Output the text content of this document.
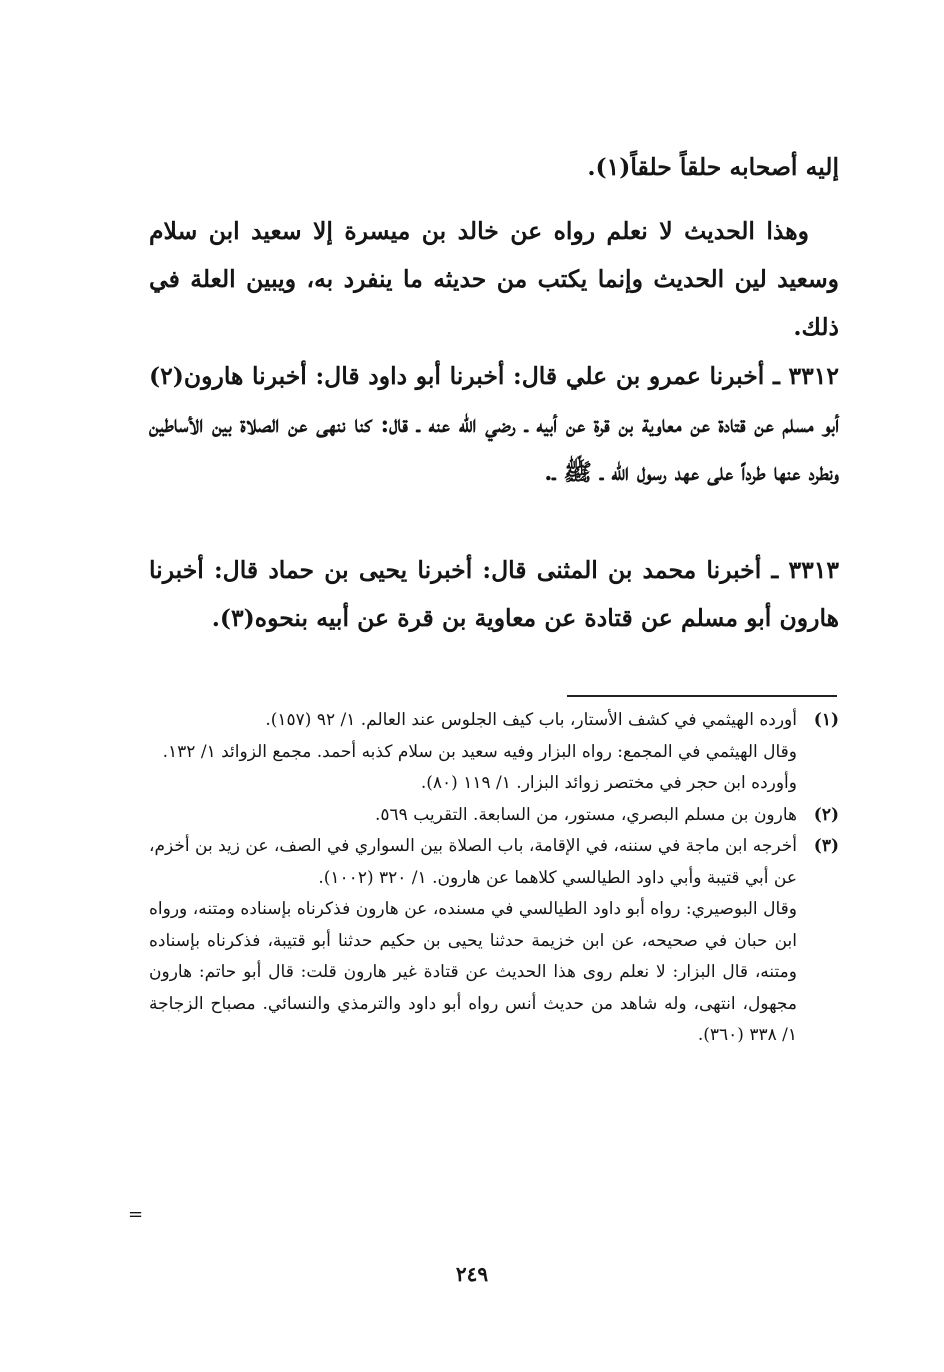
إليه أصحابه حلقاً حلقاً(١).

وهذا الحديث لا نعلم رواه عن خالد بن ميسرة إلا سعيد ابن سلام وسعيد لين الحديث وإنما يكتب من حديثه ما ينفرد به، ويبين العلة في ذلك.

٣٣١٢ ـ أخبرنا عمرو بن علي قال: أخبرنا أبو داود قال: أخبرنا هارون(٢) أبو مسلم عن قتادة عن معاوية بن قرة عن أبيه ـ رضي الله عنه ـ قال: كنا ننهى عن الصلاة بين الأساطين ونطرد عنها طرداً على عهد رسول الله ـ ﷺ ـ.

٣٣١٣ ـ أخبرنا محمد بن المثنى قال: أخبرنا يحيى بن حماد قال: أخبرنا هارون أبو مسلم عن قتادة عن معاوية بن قرة عن أبيه بنحوه(٣).

(١)
أورده الهيثمي في كشف الأستار، باب كيف الجلوس عند العالم. ١/ ٩٢ (١٥٧).
وقال الهيثمي في المجمع: رواه البزار وفيه سعيد بن سلام كذبه أحمد. مجمع الزوائد ١/ ١٣٢.
وأورده ابن حجر في مختصر زوائد البزار. ١/ ١١٩ (٨٠).
(٢)
هارون بن مسلم البصري، مستور، من السابعة. التقريب ٥٦٩.
(٣)
أخرجه ابن ماجة في سننه، في الإقامة، باب الصلاة بين السواري في الصف، عن زيد بن أخزم، عن أبي قتيبة وأبي داود الطيالسي كلاهما عن هارون. ١/ ٣٢٠ (١٠٠٢).
وقال البوصيري: رواه أبو داود الطيالسي في مسنده، عن هارون فذكرناه بإسناده ومتنه، ورواه ابن حبان في صحيحه، عن ابن خزيمة حدثنا يحيى بن حكيم حدثنا أبو قتيبة، فذكرناه بإسناده ومتنه، قال البزار: لا نعلم روى هذا الحديث عن قتادة غير هارون قلت: قال أبو حاتم: هارون مجهول، انتهى، وله شاهد من حديث أنس رواه أبو داود والترمذي والنسائي. مصباح الزجاجة ١/ ٣٣٨ (٣٦٠).
=
٢٤٩
